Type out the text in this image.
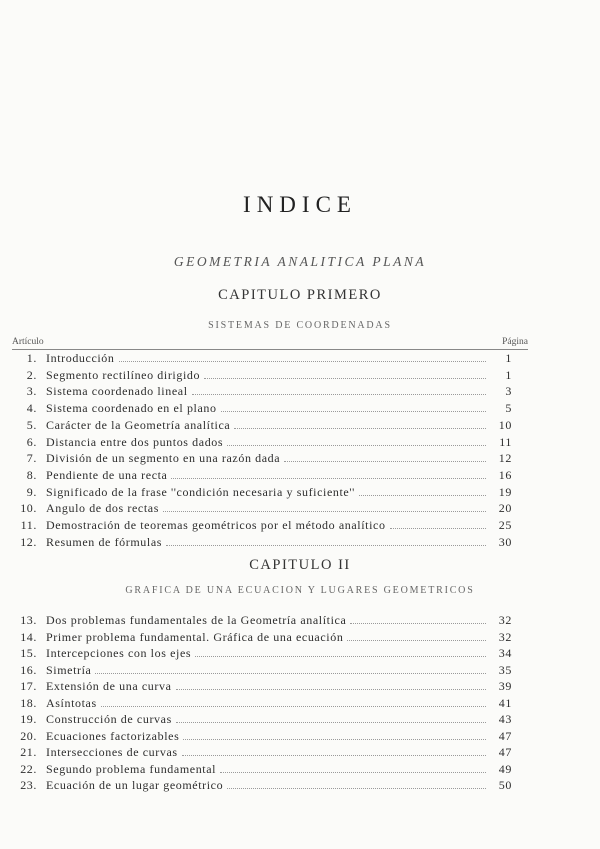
INDICE
GEOMETRIA ANALITICA PLANA
CAPITULO PRIMERO
SISTEMAS DE COORDENADAS
Artículo	Página
1. Introducción	1
2. Segmento rectilíneo dirigido	1
3. Sistema coordenado lineal	3
4. Sistema coordenado en el plano	5
5. Carácter de la Geometría analítica	10
6. Distancia entre dos puntos dados	11
7. División de un segmento en una razón dada	12
8. Pendiente de una recta	16
9. Significado de la frase ''condición necesaria y suficiente''	19
10. Angulo de dos rectas	20
11. Demostración de teoremas geométricos por el método analítico	25
12. Resumen de fórmulas	30
CAPITULO II
GRAFICA DE UNA ECUACION Y LUGARES GEOMETRICOS
13. Dos problemas fundamentales de la Geometría analítica	32
14. Primer problema fundamental. Gráfica de una ecuación	32
15. Intercepciones con los ejes	34
16. Simetría	35
17. Extensión de una curva	39
18. Asíntotas	41
19. Construcción de curvas	43
20. Ecuaciones factorizables	47
21. Intersecciones de curvas	47
22. Segundo problema fundamental	49
23. Ecuación de un lugar geométrico	50
